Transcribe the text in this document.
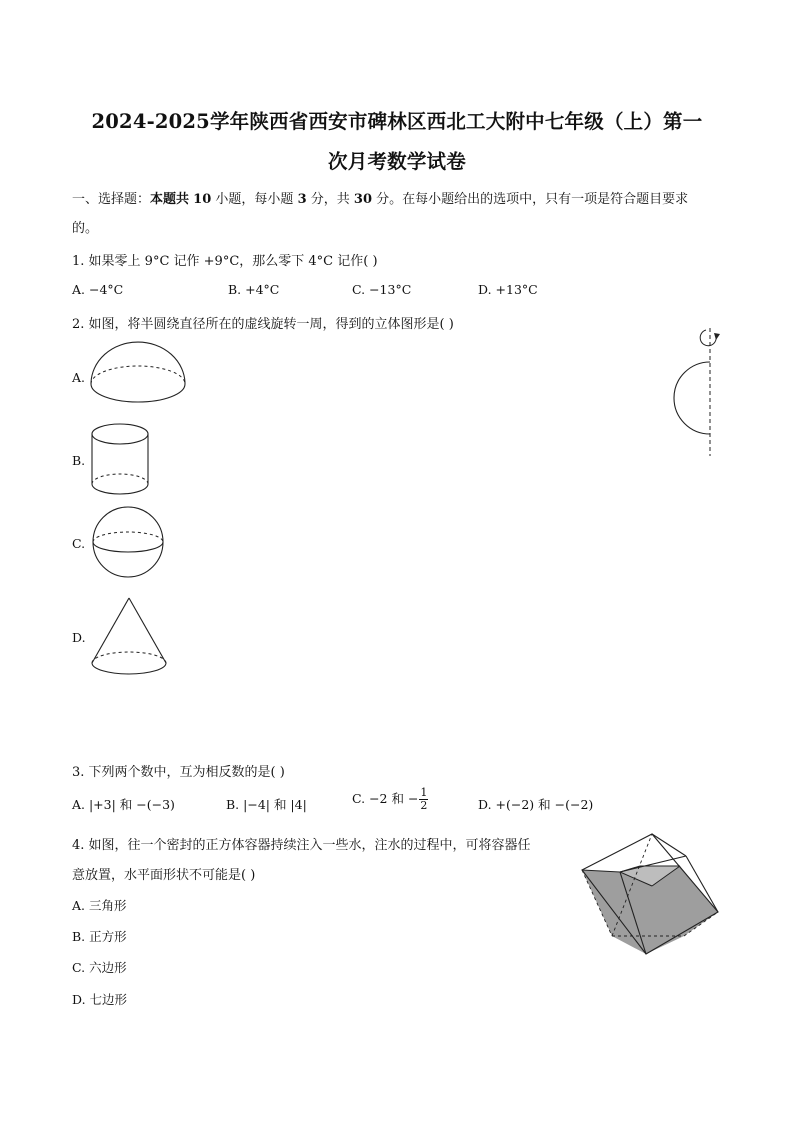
2024-2025学年陕西省西安市碑林区西北工大附中七年级（上）第一
次月考数学试卷
一、选择题：本题共 10 小题，每小题 3 分，共 30 分。在每小题给出的选项中，只有一项是符合题目要求
的。
1. 如果零上 9°C 记作 +9°C，那么零下 4°C 记作( )
A. −4°C	B. +4°C	C. −13°C	D. +13°C
2. 如图，将半圆绕直径所在的虚线旋转一周，得到的立体图形是( )
A.
B.
C.
D.
3. 下列两个数中，互为相反数的是( )
A. |+3| 和 −(−3)	B. |−4| 和 |4|	C. −2 和 − $\frac{1}{2}$	D. +(−2) 和 −(−2)
4. 如图，往一个密封的正方体容器持续注入一些水，注水的过程中，可将容器任
意放置，水平面形状不可能是( )
A. 三角形
B. 正方形
C. 六边形
D. 七边形
